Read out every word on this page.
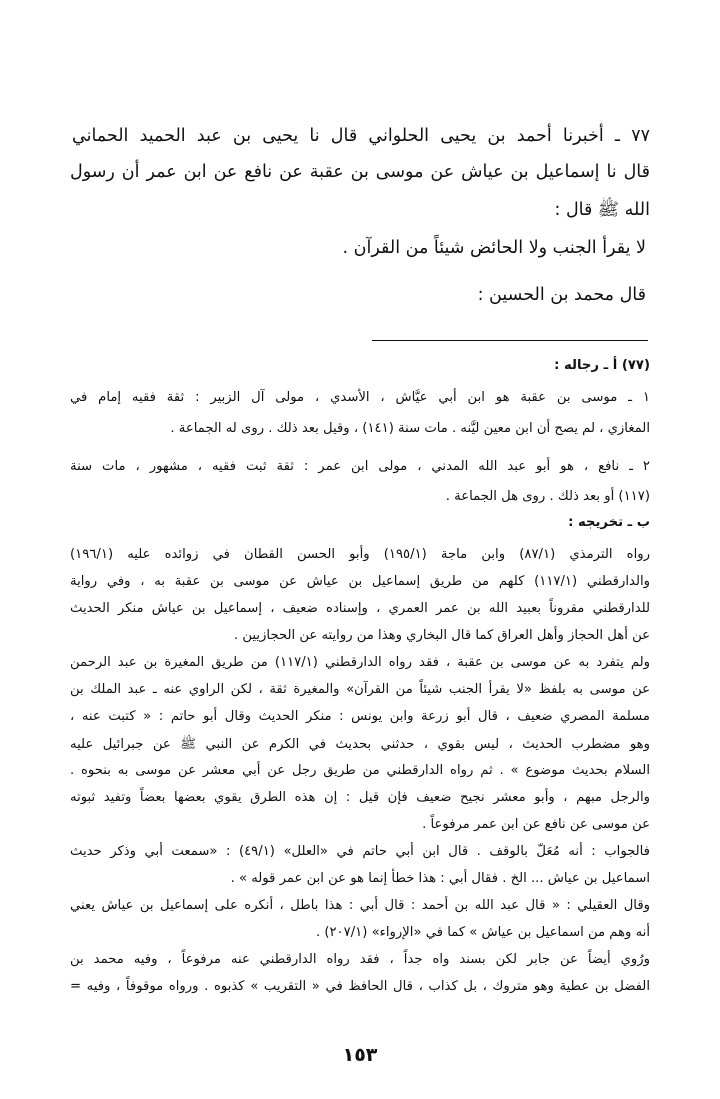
٧٧ ـ أخبرنا أحمد بن يحيى الحلواني قال نا يحيى بن عبد الحميد الحماني
قال نا إسماعيل بن عياش عن موسى بن عقبة عن نافع عن ابن عمر أن رسول
الله ﷺ قال :
لا يقرأ الجنب ولا الحائض شيئاً من القرآن .
قال محمد بن الحسين :
(٧٧) أ ـ رجاله :
١ ـ موسى بن عقبة هو ابن أبي عيَّاش ، الأسدي ، مولى آل الزبير : ثقة فقيه إمام في
المغازي ، لم يصح أن ابن معين ليَّنه . مات سنة (١٤١) ، وقيل بعد ذلك . روى له الجماعة .
٢ ـ نافع ، هو أبو عبد الله المدني ، مولى ابن عمر : ثقة ثبت فقيه ، مشهور ، مات سنة
(١١٧) أو بعد ذلك . روى هل الجماعة .
ب ـ تخريجه :
رواه الترمذي (٨٧/١) وابن ماجة (١٩٥/١) وأبو الحسن القطان في زوائده عليه (١٩٦/١)
والدارقطني (١١٧/١) كلهم من طريق إسماعيل بن عياش عن موسى بن عقبة به ، وفي رواية
للدارقطني مقروناً بعبيد الله بن عمر العمري ، وإسناده ضعيف ، إسماعيل بن عياش منكر الحديث
عن أهل الحجاز وأهل العراق كما قال البخاري وهذا من روايته عن الحجازيين .
ولم يتفرد به عن موسى بن عقبة ، فقد رواه الدارقطني (١١٧/١) من طريق المغيرة بن عبد الرحمن
عن موسى به بلفظ «لا يقرأ الجنب شيئاً من القرآن» والمغيرة ثقة ، لكن الراوي عنه ـ عبد الملك بن
مسلمة المصري ضعيف ، قال أبو زرعة وابن يونس : منكر الحديث وقال أبو حاتم : « كتبت عنه ،
وهو مضطرب الحديث ، ليس بقوي ، حدثني بحديث في الكرم عن النبي ﷺ عن جبرائيل عليه
السلام بحديث موضوع » . ثم رواه الدارقطني من طريق رجل عن أبي معشر عن موسى به بنحوه .
والرجل مبهم ، وأبو معشر نجيح ضعيف فإن قيل : إن هذه الطرق يقوي بعضها بعضاً وتفيد ثبوته
عن موسى عن نافع عن ابن عمر مرفوعاً .
فالجواب : أنه مُعَلّ بالوقف . قال ابن أبي حاتم في «العلل» (٤٩/١) : «سمعت أبي وذكر حديث
اسماعيل بن عياش ... الخ . فقال أبي : هذا خطأ إنما هو عن ابن عمر قوله » .
وقال العقيلي : « قال عبد الله بن أحمد : قال أبي : هذا باطل ، أنكره على إسماعيل بن عياش يعني
أنه وهم من اسماعيل بن عياش » كما في «الإرواء» (٢٠٧/١) .
ورُوي أيضاً عن جابر لكن بسند واه جداً ، فقد رواه الدارقطني عنه مرفوعاً ، وفيه محمد بن
الفضل بن عطية وهو متروك ، بل كذاب ، قال الحافظ في « التقريب » كذبوه . ورواه موقوفاً ، وفيه =
١٥٣
